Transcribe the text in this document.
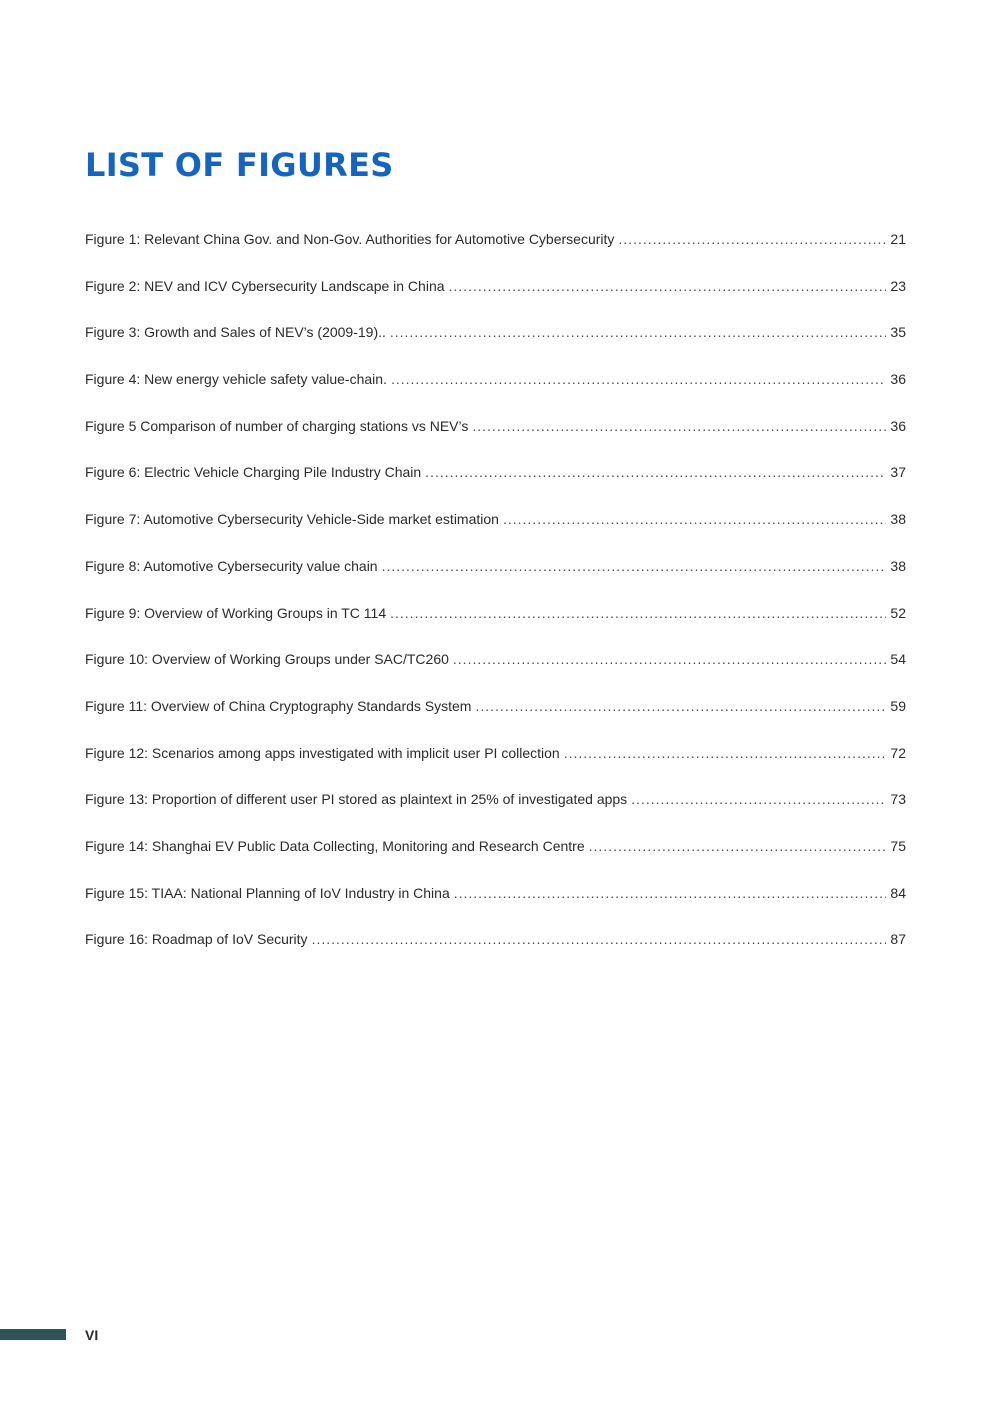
LIST OF FIGURES
Figure 1: Relevant China Gov. and Non-Gov. Authorities for Automotive Cybersecurity .....	21
Figure 2: NEV and ICV Cybersecurity Landscape in China .....	23
Figure 3: Growth and Sales of NEV’s (2009-19).. .....	35
Figure 4: New energy vehicle safety value-chain. .....	36
Figure 5 Comparison of number of charging stations vs NEV’s .....	36
Figure 6: Electric Vehicle Charging Pile Industry Chain .....	37
Figure 7: Automotive Cybersecurity Vehicle-Side market estimation .....	38
Figure 8: Automotive Cybersecurity value chain .....	38
Figure 9: Overview of Working Groups in TC 114 .....	52
Figure 10: Overview of Working Groups under SAC/TC260 .....	54
Figure 11: Overview of China Cryptography Standards System .....	59
Figure 12: Scenarios among apps investigated with implicit user PI collection .....	72
Figure 13: Proportion of different user PI stored as plaintext in 25% of investigated apps .....	73
Figure 14: Shanghai EV Public Data Collecting, Monitoring and Research Centre .....	75
Figure 15: TIAA: National Planning of IoV Industry in China .....	84
Figure 16: Roadmap of IoV Security .....	87
VI
